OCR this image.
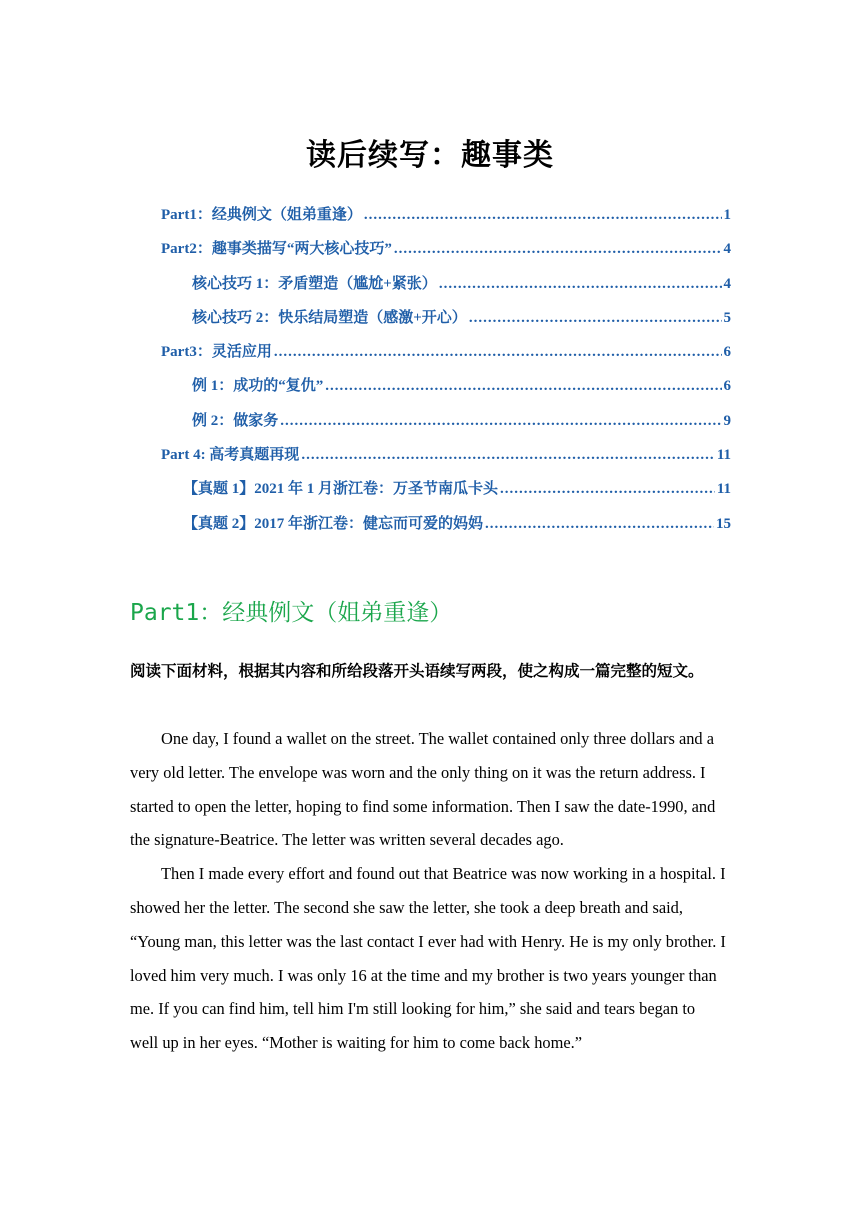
读后续写：趣事类
Part1：经典例文（姐弟重逢） .....	1
Part2：趣事类描写“两大核心技巧” .....	4
核心技巧 1：矛盾塑造（尴尬+紧张） .....	4
核心技巧 2：快乐结局塑造（感激+开心） .....	5
Part3：灵活应用 .....	6
例 1：成功的“复仇” .....	6
例 2：做家务 .....	9
Part 4: 高考真题再现 .....	11
【真题 1】2021 年 1 月浙江卷：万圣节南瓜卡头 .....	11
【真题 2】2017 年浙江卷：健忘而可爱的妈妈 .....	15
Part1：经典例文（姐弟重逢）
阅读下面材料，根据其内容和所给段落开头语续写两段，使之构成一篇完整的短文。

One day, I found a wallet on the street. The wallet contained only three dollars and a very old letter. The envelope was worn and the only thing on it was the return address. I started to open the letter, hoping to find some information. Then I saw the date-1990, and the signature-Beatrice. The letter was written several decades ago.

Then I made every effort and found out that Beatrice was now working in a hospital. I showed her the letter. The second she saw the letter, she took a deep breath and said, “Young man, this letter was the last contact I ever had with Henry. He is my only brother. I loved him very much. I was only 16 at the time and my brother is two years younger than me. If you can find him, tell him I'm still looking for him,” she said and tears began to well up in her eyes. “Mother is waiting for him to come back home.”
